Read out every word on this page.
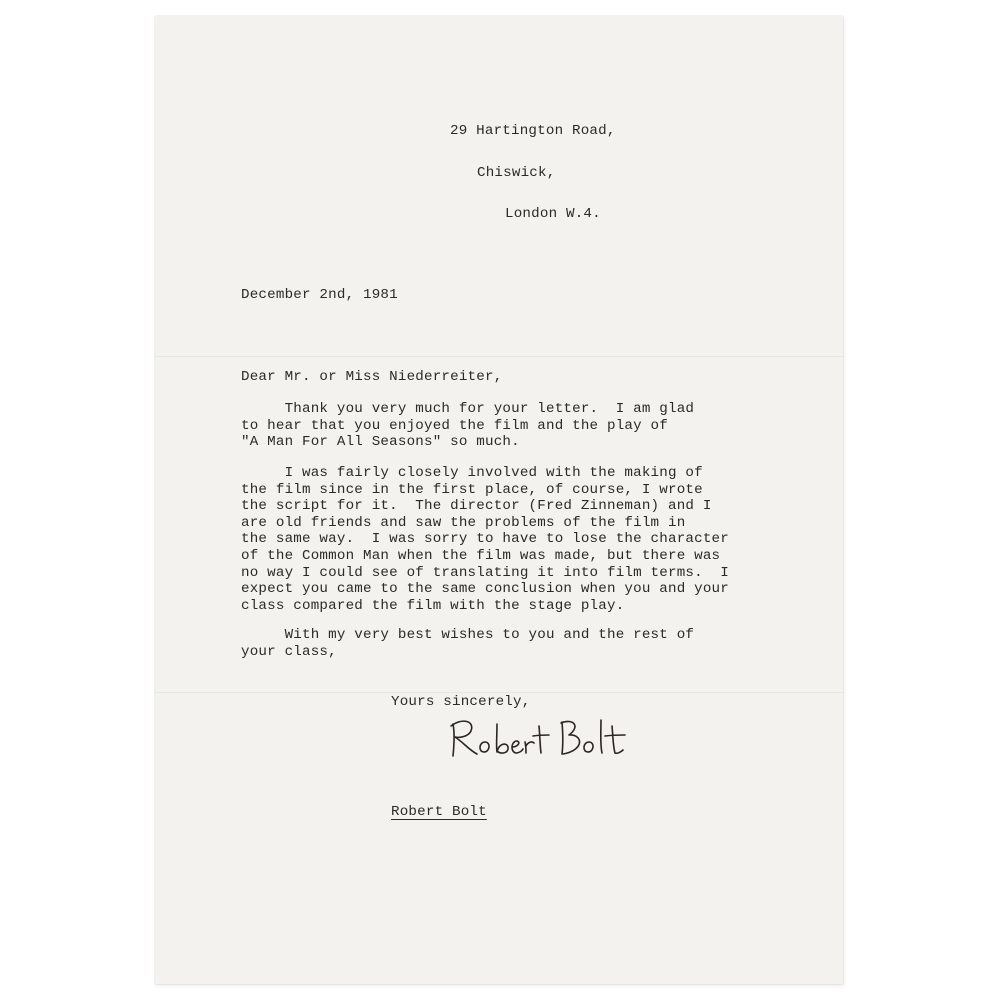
29 Hartington Road,
Chiswick,
London W.4.
December 2nd, 1981
Dear Mr. or Miss Niederreiter,
Thank you very much for your letter.  I am glad
to hear that you enjoyed the film and the play of
"A Man For All Seasons" so much.
I was fairly closely involved with the making of
the film since in the first place, of course, I wrote
the script for it.  The director (Fred Zinneman) and I
are old friends and saw the problems of the film in
the same way.  I was sorry to have to lose the character
of the Common Man when the film was made, but there was
no way I could see of translating it into film terms.  I
expect you came to the same conclusion when you and your
class compared the film with the stage play.
With my very best wishes to you and the rest of
your class,
Yours sincerely,
Robert Bolt
